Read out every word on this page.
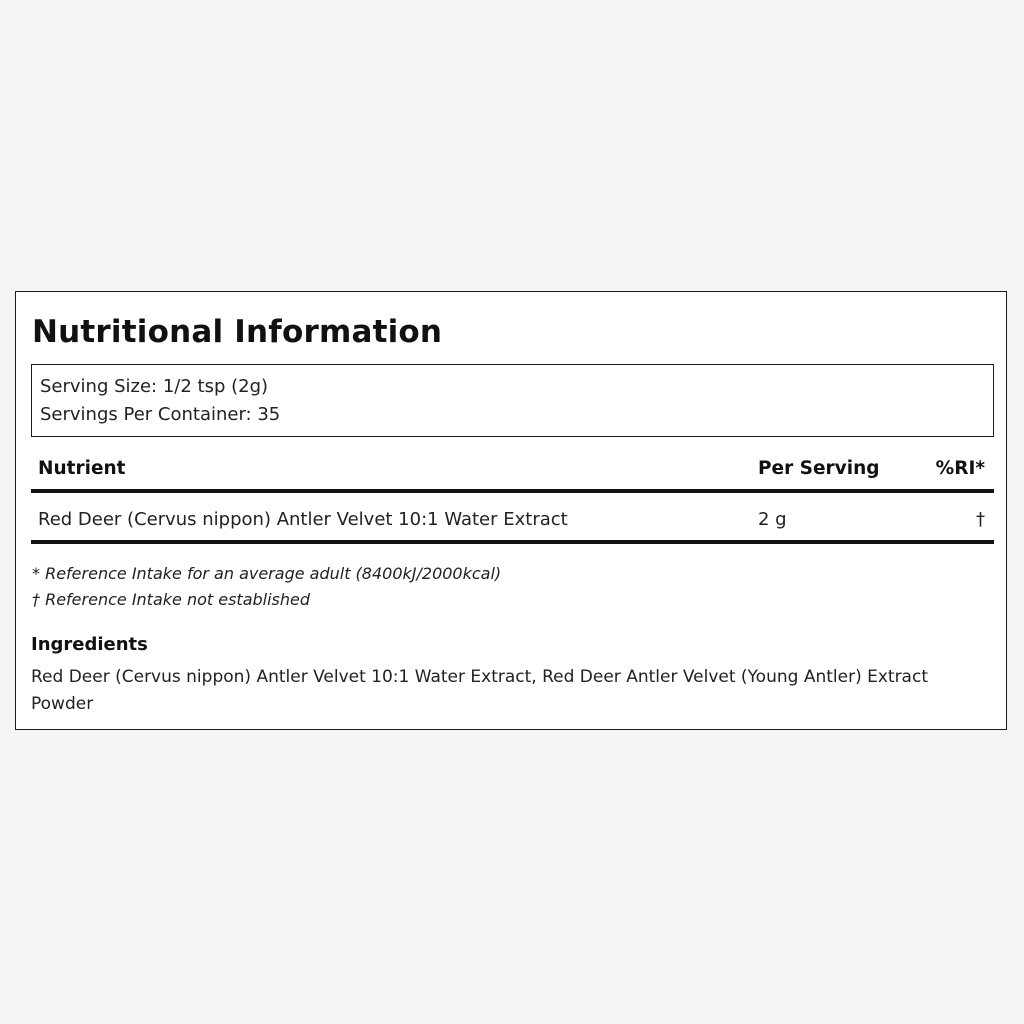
Nutritional Information
Serving Size: 1/2 tsp (2g)
Servings Per Container: 35
Nutrient	Per Serving	%RI*
Red Deer (Cervus nippon) Antler Velvet 10:1 Water Extract	2 g	†
* Reference Intake for an average adult (8400kJ/2000kcal)
† Reference Intake not established
Ingredients
Red Deer (Cervus nippon) Antler Velvet 10:1 Water Extract, Red Deer Antler Velvet (Young Antler) Extract Powder
